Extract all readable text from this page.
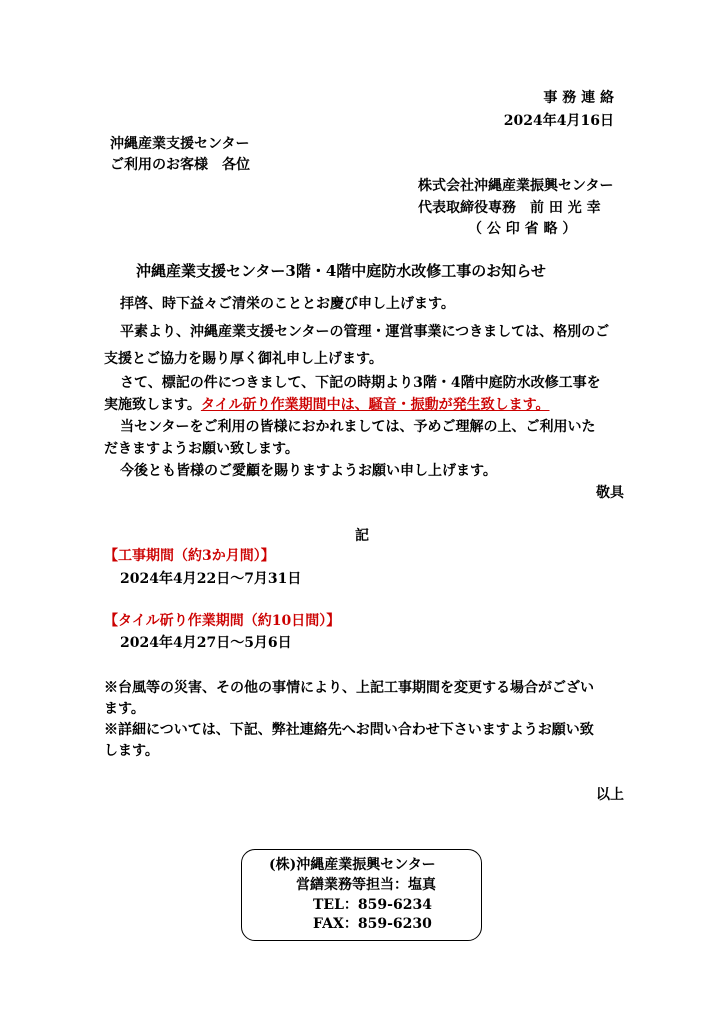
事 務 連 絡
2024年4月16日
沖縄産業支援センター
ご利用のお客様　各位
株式会社沖縄産業振興センター
代表取締役専務　前 田 光 幸
（ 公 印 省 略 ）
沖縄産業支援センター3階・4階中庭防水改修工事のお知らせ
拝啓、時下益々ご清栄のこととお慶び申し上げます。
平素より、沖縄産業支援センターの管理・運営事業につきましては、格別のご
支援とご協力を賜り厚く御礼申し上げます。
さて、標記の件につきまして、下記の時期より3階・4階中庭防水改修工事を
実施致します。タイル斫り作業期間中は、騒音・振動が発生致します。
当センターをご利用の皆様におかれましては、予めご理解の上、ご利用いた
だきますようお願い致します。
今後とも皆様のご愛顧を賜りますようお願い申し上げます。
敬具
記
【工事期間（約3か月間）】
2024年4月22日～7月31日
【タイル斫り作業期間（約10日間）】
2024年4月27日～5月6日
※台風等の災害、その他の事情により、上記工事期間を変更する場合がござい
ます。
※詳細については、下記、弊社連絡先へお問い合わせ下さいますようお願い致
します。
以上
(株)沖縄産業振興センター
営繕業務等担当：塩真
TEL：859-6234
FAX：859-6230
